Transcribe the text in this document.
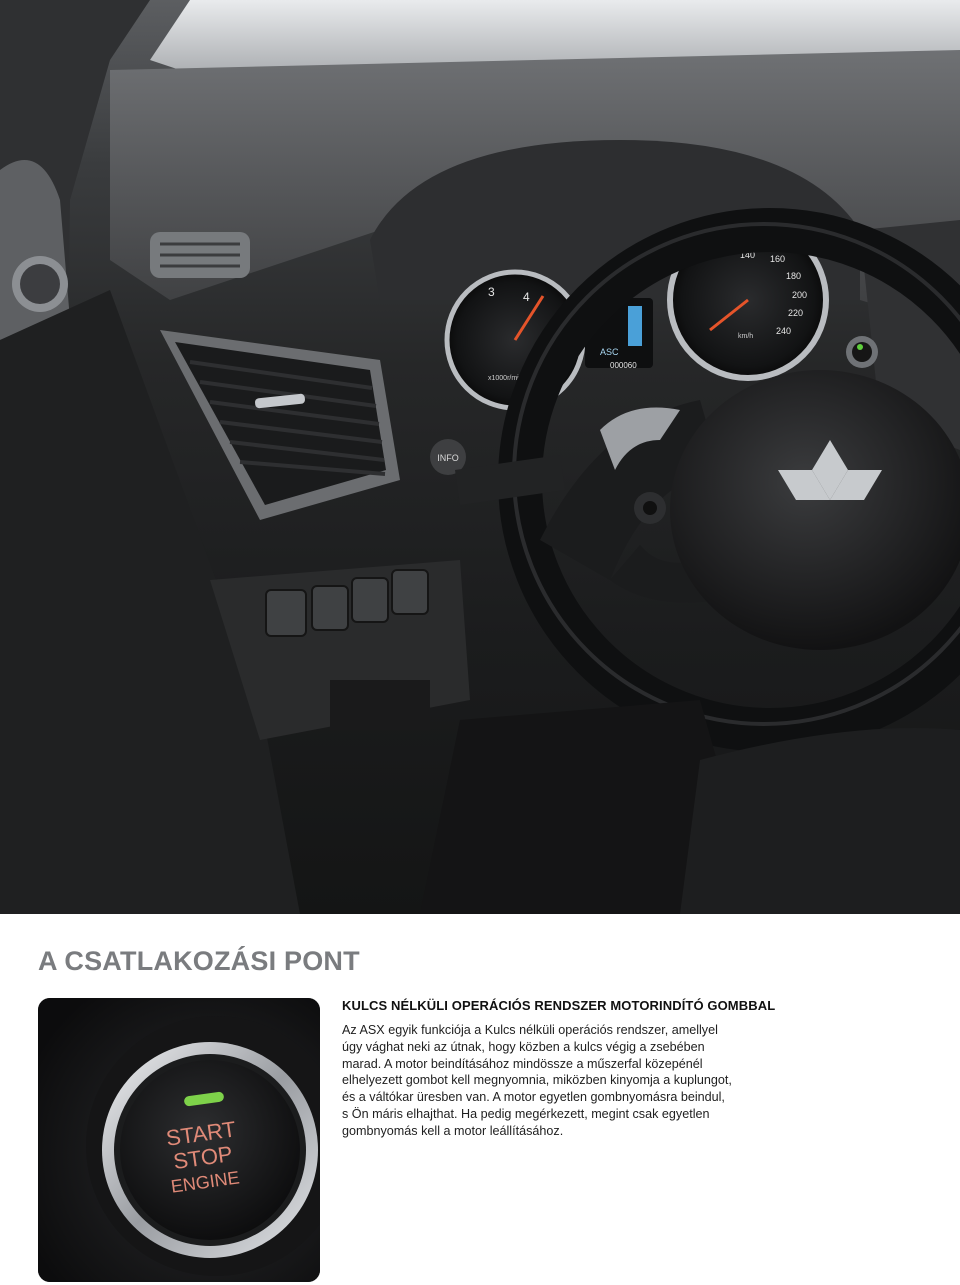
INFO
3 4
5
x1000r/min
ASC
000060
140 160
180
200
220
240
km/h
A CSATLAKOZÁSI PONT
START
STOP
ENGINE
KULCS NÉLKÜLI OPERÁCIÓS RENDSZER MOTORINDÍTÓ GOMBBAL

Az ASX egyik funkciója a Kulcs nélküli operációs rendszer, amellyel
úgy vághat neki az útnak, hogy közben a kulcs végig a zsebében
marad. A motor beindításához mindössze a műszerfal közepénél
elhelyezett gombot kell megnyomnia, miközben kinyomja a kuplungot,
és a váltókar üresben van. A motor egyetlen gombnyomásra beindul,
s Ön máris elhajthat. Ha pedig megérkezett, megint csak egyetlen
gombnyomás kell a motor leállításához.
